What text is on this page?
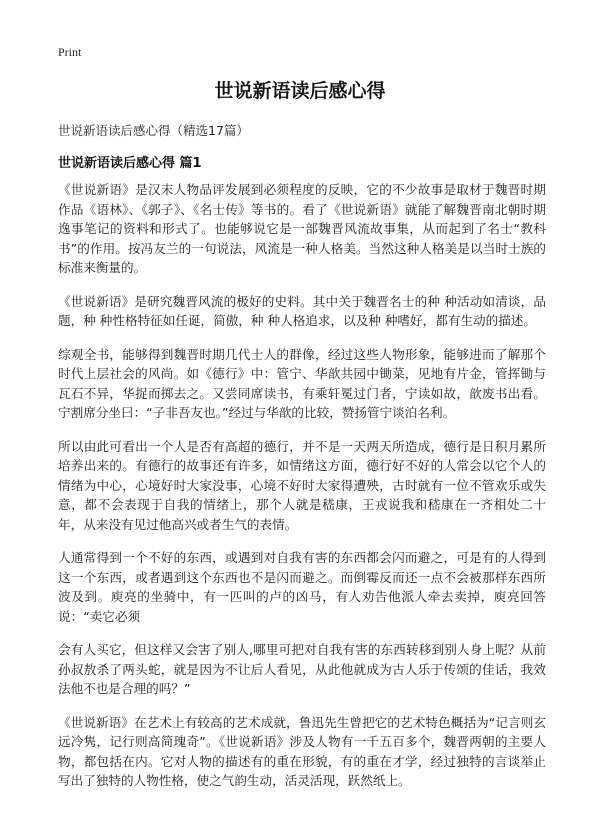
Print
世说新语读后感心得
世说新语读后感心得（精选17篇）
世说新语读后感心得 篇1

《世说新语》是汉末人物品评发展到必须程度的反映，它的不少故事是取材于魏晋时期作品《语林》、《郭子》、《名士传》等书的。看了《世说新语》就能了解魏晋南北朝时期逸事笔记的资料和形式了。也能够说它是一部魏晋风流故事集，从而起到了名士“教科书”的作用。按冯友兰的一句说法，风流是一种人格美。当然这种人格美是以当时士族的标准来衡量的。

《世说新语》是研究魏晋风流的极好的史料。其中关于魏晋名士的种 种活动如清谈，品题，种 种性格特征如任诞，简傲，种 种人格追求，以及种 种嗜好，都有生动的描述。

综观全书，能够得到魏晋时期几代士人的群像，经过这些人物形象，能够进而了解那个时代上层社会的风尚。如《德行》中：管宁、华歆共园中锄菜，见地有片金，管挥锄与瓦石不异，华捉而掷去之。又尝同席读书，有乘轩冕过门者，宁读如故，歆废书出看。宁割席分坐曰：“子非吾友也。”经过与华歆的比较，赞扬管宁谈泊名利。

所以由此可看出一个人是否有高超的德行，并不是一天两天所造成，德行是日积月累所培养出来的。有德行的故事还有许多，如情绪这方面，德行好不好的人常会以它个人的情绪为中心，心境好时大家没事，心境不好时大家得遭殃，古时就有一位不管欢乐或失意，都不会表现于自我的情绪上，那个人就是嵇康，王戎说我和嵇康在一齐相处二十年，从来没有见过他高兴或者生气的表情。

人通常得到一个不好的东西，或遇到对自我有害的东西都会闪而避之，可是有的人得到这一个东西，或者遇到这个东西也不是闪而避之。而倒霉反而还一点不会被那样东西所波及到。庾亮的坐骑中，有一匹叫的卢的凶马，有人劝告他派人牵去卖掉，庾亮回答说：“卖它必须

会有人买它，但这样又会害了别人,哪里可把对自我有害的东西转移到别人身上呢？从前孙叔敖杀了两头蛇，就是因为不让后人看见，从此他就成为古人乐于传颂的佳话，我效法他不也是合理的吗？”

《世说新语》在艺术上有较高的艺术成就，鲁迅先生曾把它的艺术特色概括为“记言则玄远冷隽，记行则高简瑰奇”。《世说新语》涉及人物有一千五百多个，魏晋两朝的主要人物，都包括在内。它对人物的描述有的重在形貌，有的重在才学，经过独特的言谈举止写出了独特的人物性格，使之气韵生动，活灵活现，跃然纸上。
